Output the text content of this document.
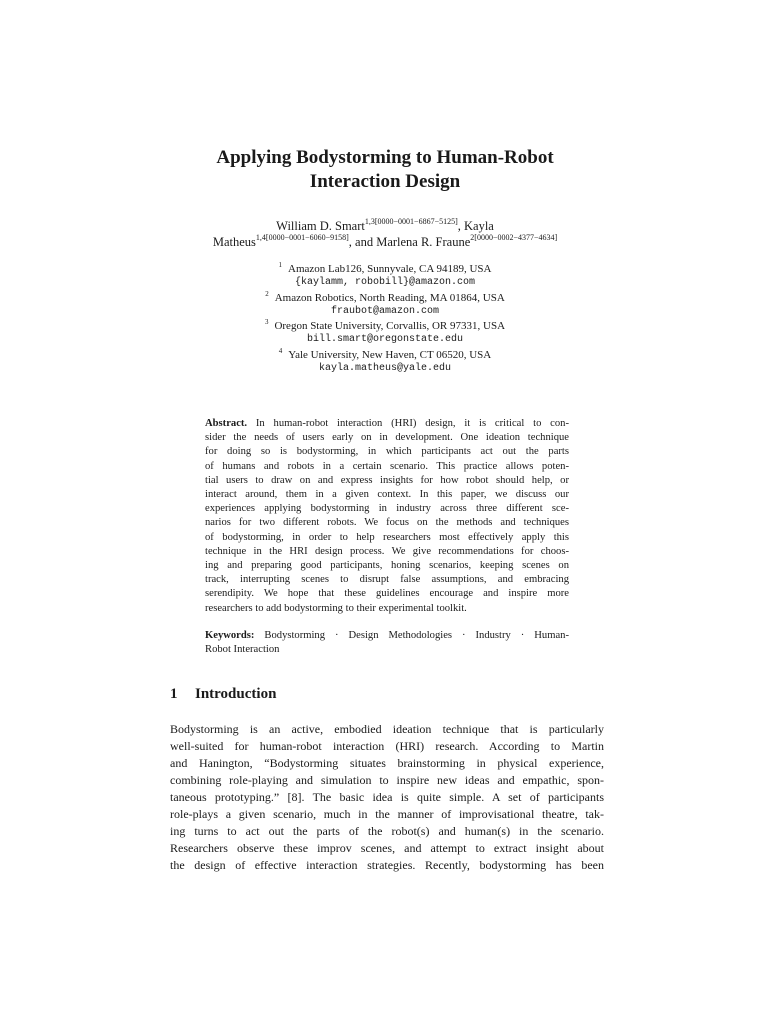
Applying Bodystorming to Human-Robot
Interaction Design
William D. Smart$^{1,3[0000-0001-6867-5125]}$, Kayla
Matheus$^{1,4[0000-0001-6060-9158]}$, and Marlena R. Fraune$^{2[0000-0002-4377-4634]}$
$^1$ Amazon Lab126, Sunnyvale, CA 94189, USA
{kaylamm, robobill}@amazon.com
$^2$ Amazon Robotics, North Reading, MA 01864, USA
fraubot@amazon.com
$^3$ Oregon State University, Corvallis, OR 97331, USA
bill.smart@oregonstate.edu
$^4$ Yale University, New Haven, CT 06520, USA
kayla.matheus@yale.edu
Abstract. In human-robot interaction (HRI) design, it is critical to con-
sider the needs of users early on in development. One ideation technique
for doing so is bodystorming, in which participants act out the parts
of humans and robots in a certain scenario. This practice allows poten-
tial users to draw on and express insights for how robot should help, or
interact around, them in a given context. In this paper, we discuss our
experiences applying bodystorming in industry across three different sce-
narios for two different robots. We focus on the methods and techniques
of bodystorming, in order to help researchers most effectively apply this
technique in the HRI design process. We give recommendations for choos-
ing and preparing good participants, honing scenarios, keeping scenes on
track, interrupting scenes to disrupt false assumptions, and embracing
serendipity. We hope that these guidelines encourage and inspire more
researchers to add bodystorming to their experimental toolkit.
Keywords: Bodystorming · Design Methodologies · Industry · Human-
Robot Interaction
1 Introduction
Bodystorming is an active, embodied ideation technique that is particularly
well-suited for human-robot interaction (HRI) research. According to Martin
and Hanington, “Bodystorming situates brainstorming in physical experience,
combining role-playing and simulation to inspire new ideas and empathic, spon-
taneous prototyping.” [8]. The basic idea is quite simple. A set of participants
role-plays a given scenario, much in the manner of improvisational theatre, tak-
ing turns to act out the parts of the robot(s) and human(s) in the scenario.
Researchers observe these improv scenes, and attempt to extract insight about
the design of effective interaction strategies. Recently, bodystorming has been
